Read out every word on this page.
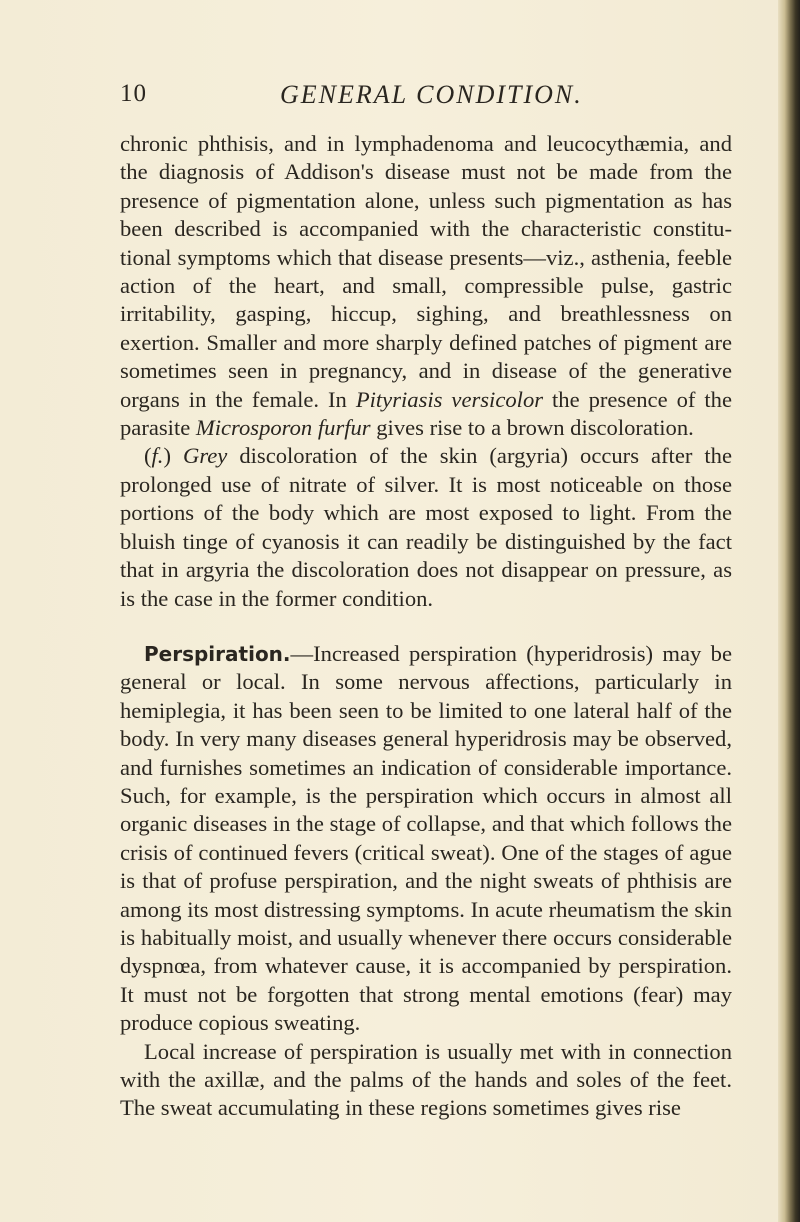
10	GENERAL CONDITION.

chronic phthisis, and in lymphadenoma and leucocythæmia, and the diagnosis of Addison's disease must not be made from the presence of pigmentation alone, unless such pigmentation as has been described is accompanied with the characteristic constitutional symptoms which that disease presents—viz., asthenia, feeble action of the heart, and small, compressible pulse, gastric irritability, gasping, hiccup, sighing, and breathlessness on exertion. Smaller and more sharply defined patches of pigment are sometimes seen in pregnancy, and in disease of the generative organs in the female. In Pityriasis versicolor the presence of the parasite Microsporon furfur gives rise to a brown discoloration.

(f.) Grey discoloration of the skin (argyria) occurs after the prolonged use of nitrate of silver. It is most noticeable on those portions of the body which are most exposed to light. From the bluish tinge of cyanosis it can readily be distinguished by the fact that in argyria the discoloration does not disappear on pressure, as is the case in the former condition.

Perspiration.—Increased perspiration (hyperidrosis) may be general or local. In some nervous affections, particularly in hemiplegia, it has been seen to be limited to one lateral half of the body. In very many diseases general hyperidrosis may be observed, and furnishes sometimes an indication of considerable importance. Such, for example, is the perspiration which occurs in almost all organic diseases in the stage of collapse, and that which follows the crisis of continued fevers (critical sweat). One of the stages of ague is that of profuse perspiration, and the night sweats of phthisis are among its most distressing symptoms. In acute rheumatism the skin is habitually moist, and usually whenever there occurs considerable dyspnœa, from whatever cause, it is accompanied by perspiration. It must not be forgotten that strong mental emotions (fear) may produce copious sweating.

Local increase of perspiration is usually met with in connection with the axillæ, and the palms of the hands and soles of the feet. The sweat accumulating in these regions sometimes gives rise
